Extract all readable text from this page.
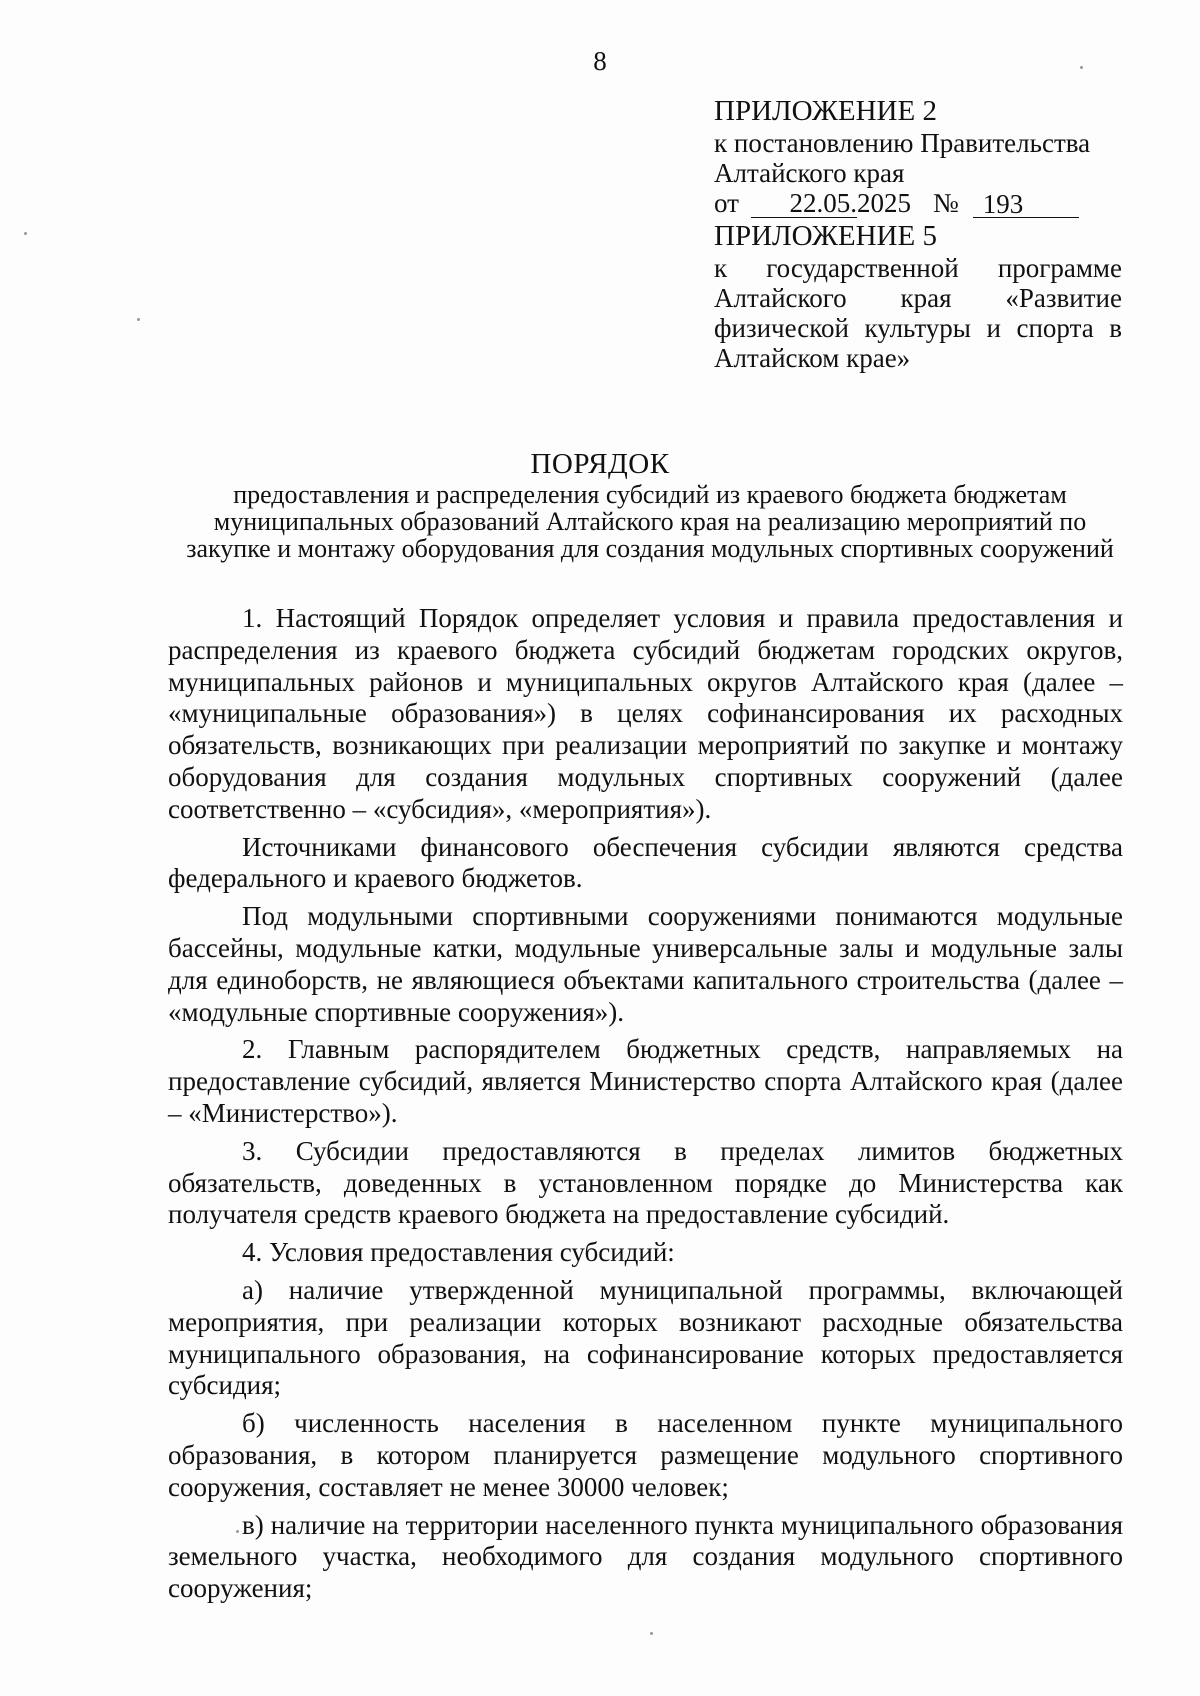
8
ПРИЛОЖЕНИЕ 2
к постановлению Правительства
Алтайского края
от	22.05. 2025 № 193
ПРИЛОЖЕНИЕ 5
к государственной программе Алтайского края «Развитие физической культуры и спорта в Алтайском крае»
ПОРЯДОК
предоставления и распределения субсидий из краевого бюджета бюджетам муниципальных образований Алтайского края на реализацию мероприятий по закупке и монтажу оборудования для создания модульных спортивных сооружений

1. Настоящий Порядок определяет условия и правила предоставления и распределения из краевого бюджета субсидий бюджетам городских округов, муниципальных районов и муниципальных округов Алтайского края (далее – «муниципальные образования») в целях софинансирования их расходных обязательств, возникающих при реализации мероприятий по закупке и монтажу оборудования для создания модульных спортивных сооружений (далее соответственно – «субсидия», «мероприятия»).

Источниками финансового обеспечения субсидии являются средства федерального и краевого бюджетов.

Под модульными спортивными сооружениями понимаются модульные бассейны, модульные катки, модульные универсальные залы и модульные залы для единоборств, не являющиеся объектами капитального строительства (далее – «модульные спортивные сооружения»).

2. Главным распорядителем бюджетных средств, направляемых на предоставление субсидий, является Министерство спорта Алтайского края (далее – «Министерство»).

3. Субсидии предоставляются в пределах лимитов бюджетных обязательств, доведенных в установленном порядке до Министерства как получателя средств краевого бюджета на предоставление субсидий.

4. Условия предоставления субсидий:

а) наличие утвержденной муниципальной программы, включающей мероприятия, при реализации которых возникают расходные обязательства муниципального образования, на софинансирование которых предоставляется субсидия;

б) численность населения в населенном пункте муниципального образования, в котором планируется размещение модульного спортивного сооружения, составляет не менее 30000 человек;

в) наличие на территории населенного пункта муниципального образования земельного участка, необходимого для создания модульного спортивного сооружения;
